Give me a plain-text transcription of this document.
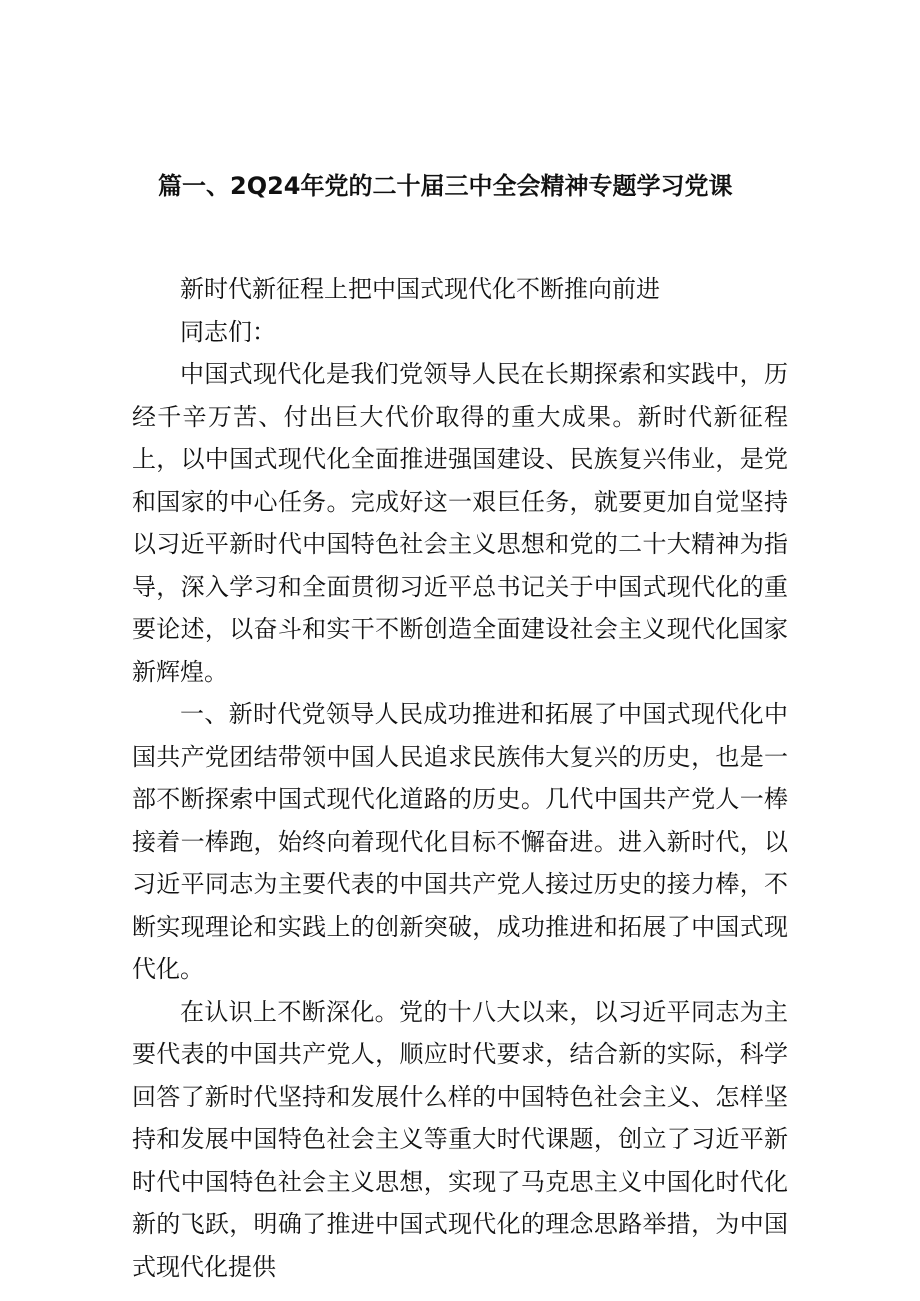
篇一、2Q24年党的二十届三中全会精神专题学习党课

新时代新征程上把中国式现代化不断推向前进

同志们：

中国式现代化是我们党领导人民在长期探索和实践中，历经千辛万苦、付出巨大代价取得的重大成果。新时代新征程上，以中国式现代化全面推进强国建设、民族复兴伟业，是党和国家的中心任务。完成好这一艰巨任务，就要更加自觉坚持以习近平新时代中国特色社会主义思想和党的二十大精神为指导，深入学习和全面贯彻习近平总书记关于中国式现代化的重要论述，以奋斗和实干不断创造全面建设社会主义现代化国家新辉煌。

一、新时代党领导人民成功推进和拓展了中国式现代化中国共产党团结带领中国人民追求民族伟大复兴的历史，也是一部不断探索中国式现代化道路的历史。几代中国共产党人一棒接着一棒跑，始终向着现代化目标不懈奋进。进入新时代，以习近平同志为主要代表的中国共产党人接过历史的接力棒，不断实现理论和实践上的创新突破，成功推进和拓展了中国式现代化。

在认识上不断深化。党的十八大以来，以习近平同志为主要代表的中国共产党人，顺应时代要求，结合新的实际，科学回答了新时代坚持和发展什么样的中国特色社会主义、怎样坚持和发展中国特色社会主义等重大时代课题，创立了习近平新时代中国特色社会主义思想，实现了马克思主义中国化时代化新的飞跃，明确了推进中国式现代化的理念思路举措，为中国式现代化提供
